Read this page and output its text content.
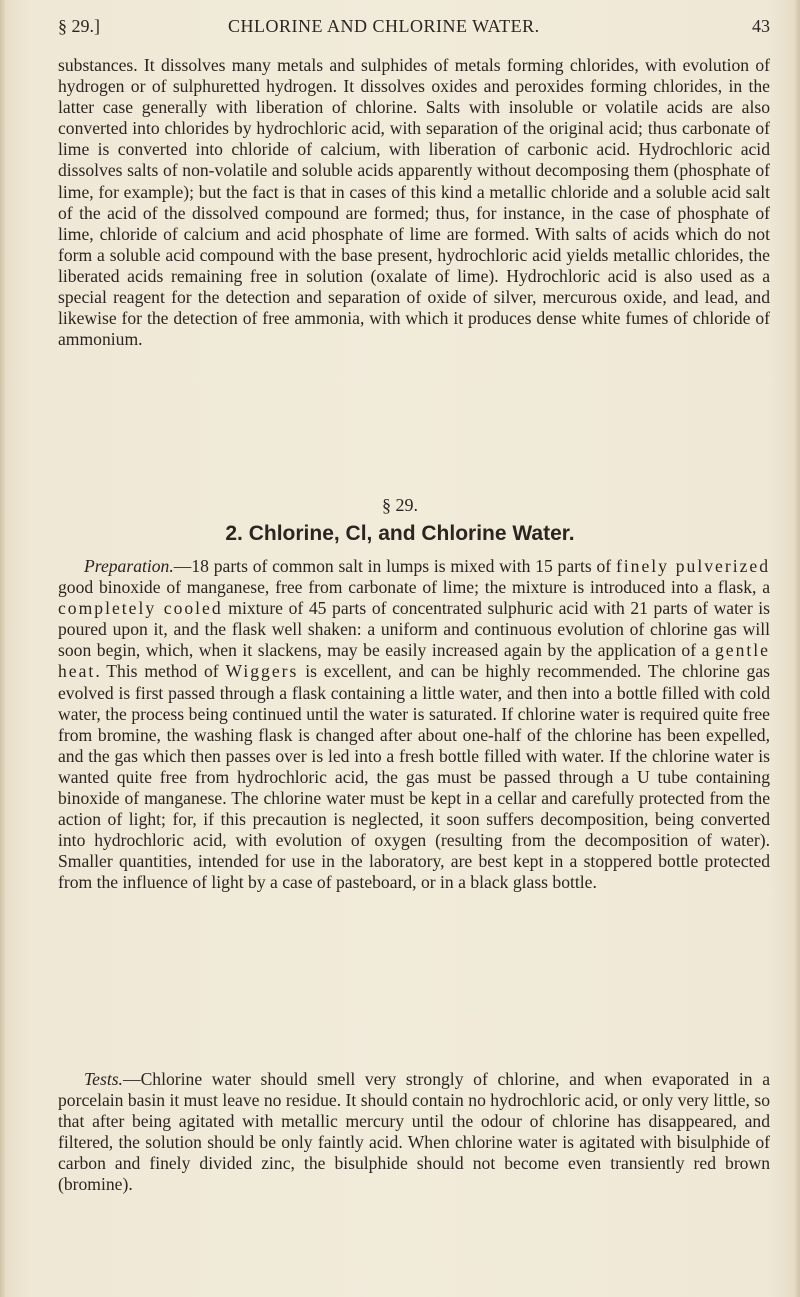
§ 29.]	CHLORINE AND CHLORINE WATER.	43
substances. It dissolves many metals and sulphides of metals forming chlorides, with evolution of hydrogen or of sulphuretted hydrogen. It dissolves oxides and peroxides forming chlorides, in the latter case generally with liberation of chlorine. Salts with insoluble or volatile acids are also converted into chlorides by hydrochloric acid, with separation of the original acid; thus carbonate of lime is converted into chloride of calcium, with liberation of carbonic acid. Hydrochloric acid dissolves salts of non-volatile and soluble acids apparently without decomposing them (phosphate of lime, for example); but the fact is that in cases of this kind a metallic chloride and a soluble acid salt of the acid of the dissolved compound are formed; thus, for instance, in the case of phosphate of lime, chloride of calcium and acid phosphate of lime are formed. With salts of acids which do not form a soluble acid compound with the base present, hydrochloric acid yields metallic chlorides, the liberated acids remaining free in solution (oxalate of lime). Hydrochloric acid is also used as a special reagent for the detection and separation of oxide of silver, mercurous oxide, and lead, and likewise for the detection of free ammonia, with which it produces dense white fumes of chloride of ammonium.
§ 29.
2. Chlorine, Cl, and Chlorine Water.
Preparation.—18 parts of common salt in lumps is mixed with 15 parts of finely pulverized good binoxide of manganese, free from carbonate of lime; the mixture is introduced into a flask, a completely cooled mixture of 45 parts of concentrated sulphuric acid with 21 parts of water is poured upon it, and the flask well shaken: a uniform and continuous evolution of chlorine gas will soon begin, which, when it slackens, may be easily increased again by the application of a gentle heat. This method of Wiggers is excellent, and can be highly recommended. The chlorine gas evolved is first passed through a flask containing a little water, and then into a bottle filled with cold water, the process being continued until the water is saturated. If chlorine water is required quite free from bromine, the washing flask is changed after about one-half of the chlorine has been expelled, and the gas which then passes over is led into a fresh bottle filled with water. If the chlorine water is wanted quite free from hydrochloric acid, the gas must be passed through a U tube containing binoxide of manganese. The chlorine water must be kept in a cellar and carefully protected from the action of light; for, if this precaution is neglected, it soon suffers decomposition, being converted into hydrochloric acid, with evolution of oxygen (resulting from the decomposition of water). Smaller quantities, intended for use in the laboratory, are best kept in a stoppered bottle protected from the influence of light by a case of pasteboard, or in a black glass bottle.
Tests.—Chlorine water should smell very strongly of chlorine, and when evaporated in a porcelain basin it must leave no residue. It should contain no hydrochloric acid, or only very little, so that after being agitated with metallic mercury until the odour of chlorine has disappeared, and filtered, the solution should be only faintly acid. When chlorine water is agitated with bisulphide of carbon and finely divided zinc, the bisulphide should not become even transiently red brown (bromine).
